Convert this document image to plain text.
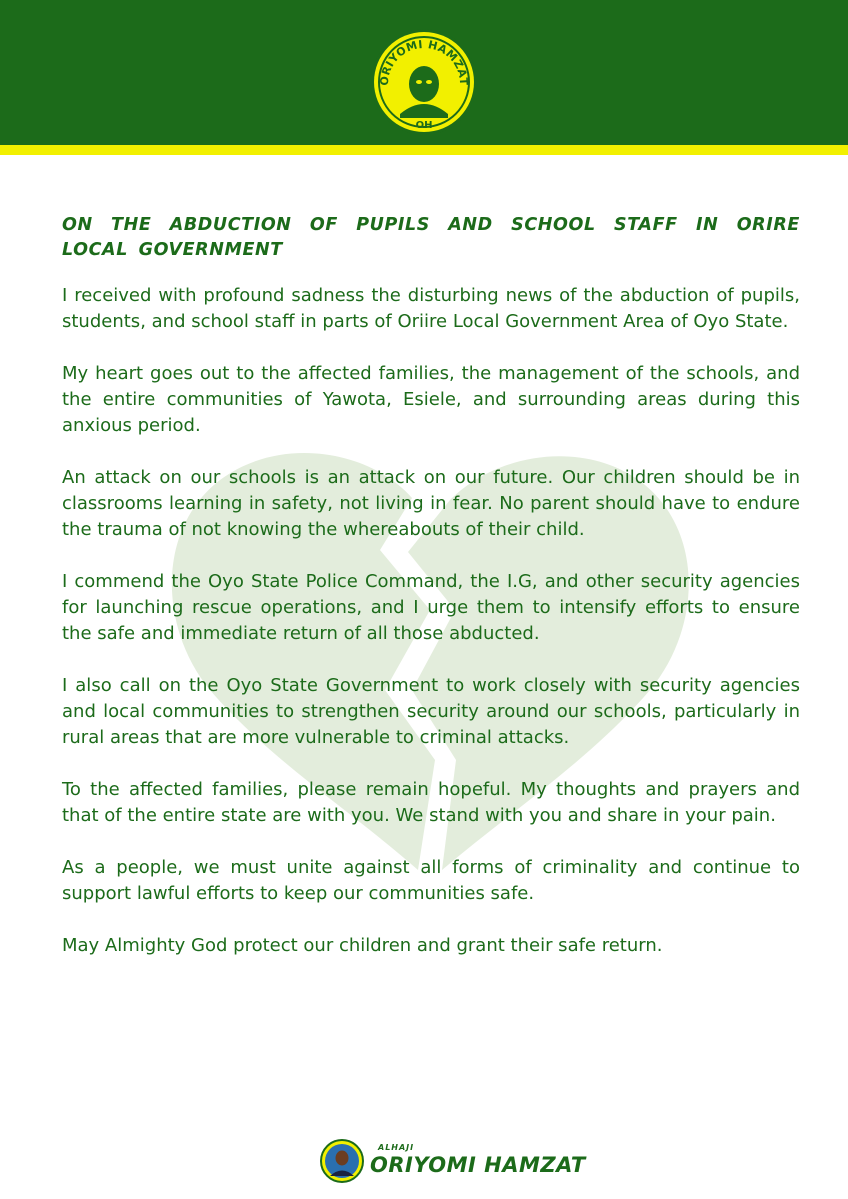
ORIYOMI HAMZAT
OH

ON THE ABDUCTION OF PUPILS AND SCHOOL STAFF IN ORIRE LOCAL GOVERNMENT

I received with profound sadness the disturbing news of the abduction of pupils, students, and school staff in parts of Oriire Local Government Area of Oyo State.

My heart goes out to the affected families, the management of the schools, and the entire communities of Yawota, Esiele, and surrounding areas during this anxious period.

An attack on our schools is an attack on our future. Our children should be in classrooms learning in safety, not living in fear. No parent should have to endure the trauma of not knowing the whereabouts of their child.

I commend the Oyo State Police Command, the I.G, and other security agencies for launching rescue operations, and I urge them to intensify efforts to ensure the safe and immediate return of all those abducted.

I also call on the Oyo State Government to work closely with security agencies and local communities to strengthen security around our schools, particularly in rural areas that are more vulnerable to criminal attacks.

To the affected families, please remain hopeful. My thoughts and prayers and that of the entire state are with you. We stand with you and share in your pain.

As a people, we must unite against all forms of criminality and continue to support lawful efforts to keep our communities safe.

May Almighty God protect our children and grant their safe return.

ALHAJI
ORIYOMI HAMZAT
